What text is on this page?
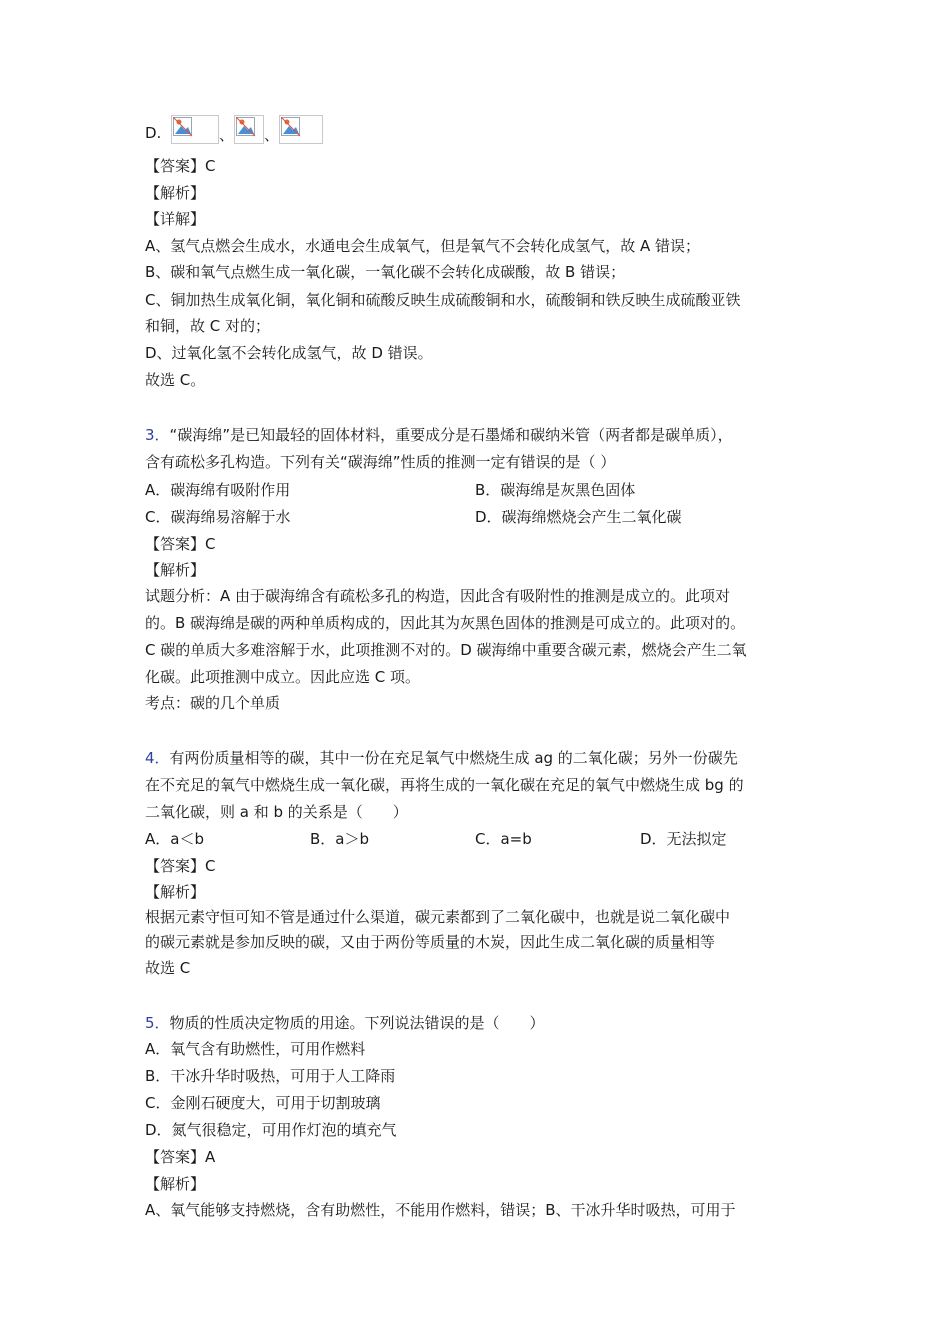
D.	、 、
【答案】C
【解析】
【详解】
A、氢气点燃会生成水，水通电会生成氧气，但是氧气不会转化成氢气，故 A 错误；
B、碳和氧气点燃生成一氧化碳，一氧化碳不会转化成碳酸，故 B 错误；
C、铜加热生成氧化铜，氧化铜和硫酸反映生成硫酸铜和水，硫酸铜和铁反映生成硫酸亚铁
和铜，故 C 对的；
D、过氧化氢不会转化成氢气，故 D 错误。
故选 C。
3．“碳海绵”是已知最轻的固体材料，重要成分是石墨烯和碳纳米管（两者都是碳单质），
含有疏松多孔构造。下列有关“碳海绵”性质的推测一定有错误的是（ ）
A．碳海绵有吸附作用	B．碳海绵是灰黑色固体
C．碳海绵易溶解于水	D．碳海绵燃烧会产生二氧化碳
【答案】C
【解析】
试题分析：A 由于碳海绵含有疏松多孔的构造，因此含有吸附性的推测是成立的。此项对
的。B 碳海绵是碳的两种单质构成的，因此其为灰黑色固体的推测是可成立的。此项对的。
C 碳的单质大多难溶解于水，此项推测不对的。D 碳海绵中重要含碳元素，燃烧会产生二氧
化碳。此项推测中成立。因此应选 C 项。
考点：碳的几个单质
4．有两份质量相等的碳，其中一份在充足氧气中燃烧生成 ag 的二氧化碳；另外一份碳先
在不充足的氧气中燃烧生成一氧化碳，再将生成的一氧化碳在充足的氧气中燃烧生成 bg 的
二氧化碳，则 a 和 b 的关系是（　　）
A．a＜b	B．a＞b	C．a=b	D．无法拟定
【答案】C
【解析】
根据元素守恒可知不管是通过什么渠道，碳元素都到了二氧化碳中，也就是说二氧化碳中
的碳元素就是参加反映的碳，又由于两份等质量的木炭，因此生成二氧化碳的质量相等
故选 C
5．物质的性质决定物质的用途。下列说法错误的是（　　）
A．氧气含有助燃性，可用作燃料
B．干冰升华时吸热，可用于人工降雨
C．金刚石硬度大，可用于切割玻璃
D．氮气很稳定，可用作灯泡的填充气
【答案】A
【解析】
A、氧气能够支持燃烧，含有助燃性，不能用作燃料，错误；B、干冰升华时吸热，可用于
